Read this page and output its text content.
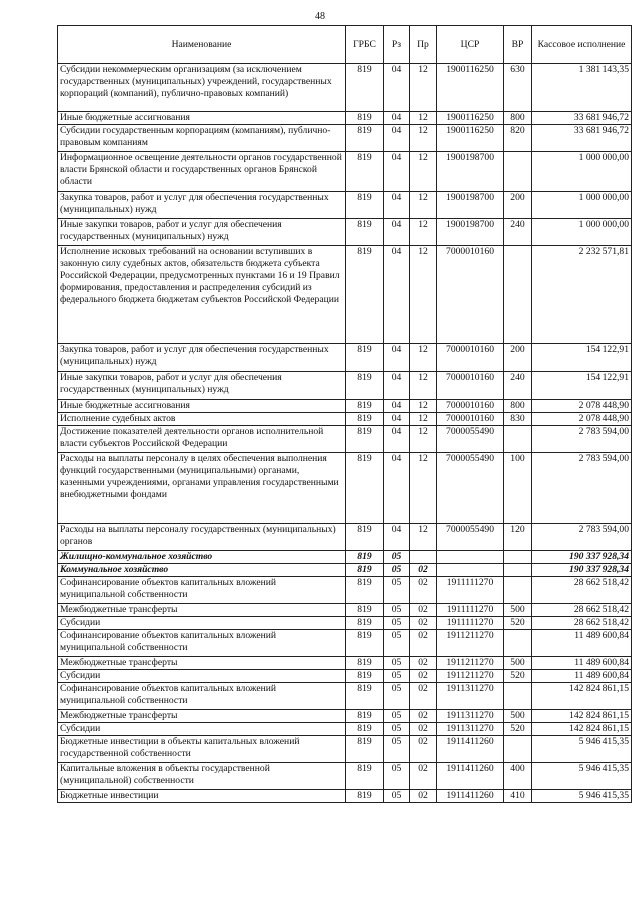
48
Наименование	ГРБС	Рз	Пр	ЦСР	ВР	Кассовое исполнение
Субсидии некоммерческим организациям (за исключением государственных (муниципальных) учреждений, государственных корпораций (компаний), публично-правовых компаний)	819	04	12	1900116250	630	1 381 143,35
Иные бюджетные ассигнования	819	04	12	1900116250	800	33 681 946,72
Субсидии государственным корпорациям (компаниям), публично-правовым компаниям	819	04	12	1900116250	820	33 681 946,72
Информационное освещение деятельности органов государственной власти Брянской области и государственных органов Брянской области	819	04	12	1900198700		1 000 000,00
Закупка товаров, работ и услуг для обеспечения государственных (муниципальных) нужд	819	04	12	1900198700	200	1 000 000,00
Иные закупки товаров, работ и услуг для обеспечения государственных (муниципальных) нужд	819	04	12	1900198700	240	1 000 000,00
Исполнение исковых требований на основании вступивших в законную силу судебных актов, обязательств бюджета субъекта Российской Федерации, предусмотренных пунктами 16 и 19 Правил формирования, предоставления и распределения субсидий из федерального бюджета бюджетам субъектов Российской Федерации	819	04	12	7000010160		2 232 571,81
Закупка товаров, работ и услуг для обеспечения государственных (муниципальных) нужд	819	04	12	7000010160	200	154 122,91
Иные закупки товаров, работ и услуг для обеспечения государственных (муниципальных) нужд	819	04	12	7000010160	240	154 122,91
Иные бюджетные ассигнования	819	04	12	7000010160	800	2 078 448,90
Исполнение судебных актов	819	04	12	7000010160	830	2 078 448,90
Достижение показателей деятельности органов исполнительной власти субъектов Российской Федерации	819	04	12	7000055490		2 783 594,00
Расходы на выплаты персоналу в целях обеспечения выполнения функций государственными (муниципальными) органами, казенными учреждениями, органами управления государственными внебюджетными фондами	819	04	12	7000055490	100	2 783 594,00
Расходы на выплаты персоналу государственных (муниципальных) органов	819	04	12	7000055490	120	2 783 594,00
Жилищно-коммунальное хозяйство	819	05				190 337 928,34
Коммунальное хозяйство	819	05	02			190 337 928,34
Софинансирование объектов капитальных вложений муниципальной собственности	819	05	02	1911111270		28 662 518,42
Межбюджетные трансферты	819	05	02	1911111270	500	28 662 518,42
Субсидии	819	05	02	1911111270	520	28 662 518,42
Софинансирование объектов капитальных вложений муниципальной собственности	819	05	02	1911211270		11 489 600,84
Межбюджетные трансферты	819	05	02	1911211270	500	11 489 600,84
Субсидии	819	05	02	1911211270	520	11 489 600,84
Софинансирование объектов капитальных вложений муниципальной собственности	819	05	02	1911311270		142 824 861,15
Межбюджетные трансферты	819	05	02	1911311270	500	142 824 861,15
Субсидии	819	05	02	1911311270	520	142 824 861,15
Бюджетные инвестиции в объекты капитальных вложений государственной собственности	819	05	02	1911411260		5 946 415,35
Капитальные вложения в объекты государственной (муниципальной) собственности	819	05	02	1911411260	400	5 946 415,35
Бюджетные инвестиции	819	05	02	1911411260	410	5 946 415,35
